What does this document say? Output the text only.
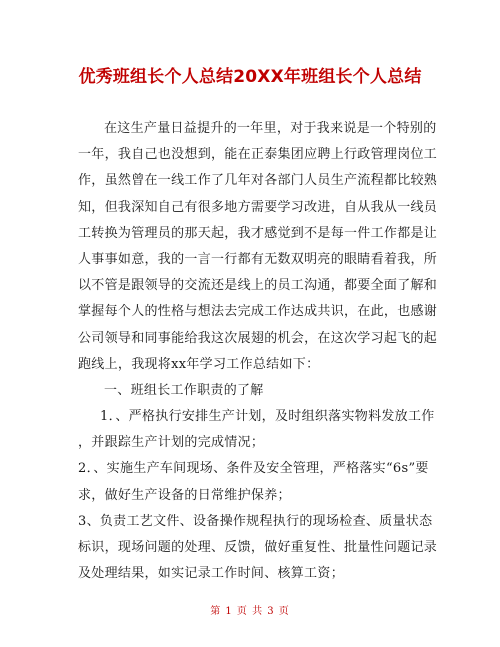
优秀班组长个人总结20XX年班组长个人总结
在这生产量日益提升的一年里，对于我来说是一个特别的
一年，我自己也没想到，能在正泰集团应聘上行政管理岗位工
作，虽然曾在一线工作了几年对各部门人员生产流程都比较熟
知，但我深知自己有很多地方需要学习改进，自从我从一线员
工转换为管理员的那天起，我才感觉到不是每一件工作都是让
人事事如意，我的一言一行都有无数双明亮的眼睛看着我，所
以不管是跟领导的交流还是线上的员工沟通，都要全面了解和
掌握每个人的性格与想法去完成工作达成共识，在此，也感谢
公司领导和同事能给我这次展翅的机会，在这次学习起飞的起
跑线上，我现将xx年学习工作总结如下：
一、班组长工作职责的了解
1．、严格执行安排生产计划，及时组织落实物料发放工作
，并跟踪生产计划的完成情况；
2．、实施生产车间现场、条件及安全管理，严格落实“6s”要
求，做好生产设备的日常维护保养；
3、负责工艺文件、设备操作规程执行的现场检查、质量状态
标识，现场问题的处理、反馈，做好重复性、批量性问题记录
及处理结果，如实记录工作时间、核算工资；
第 1 页 共 3 页
